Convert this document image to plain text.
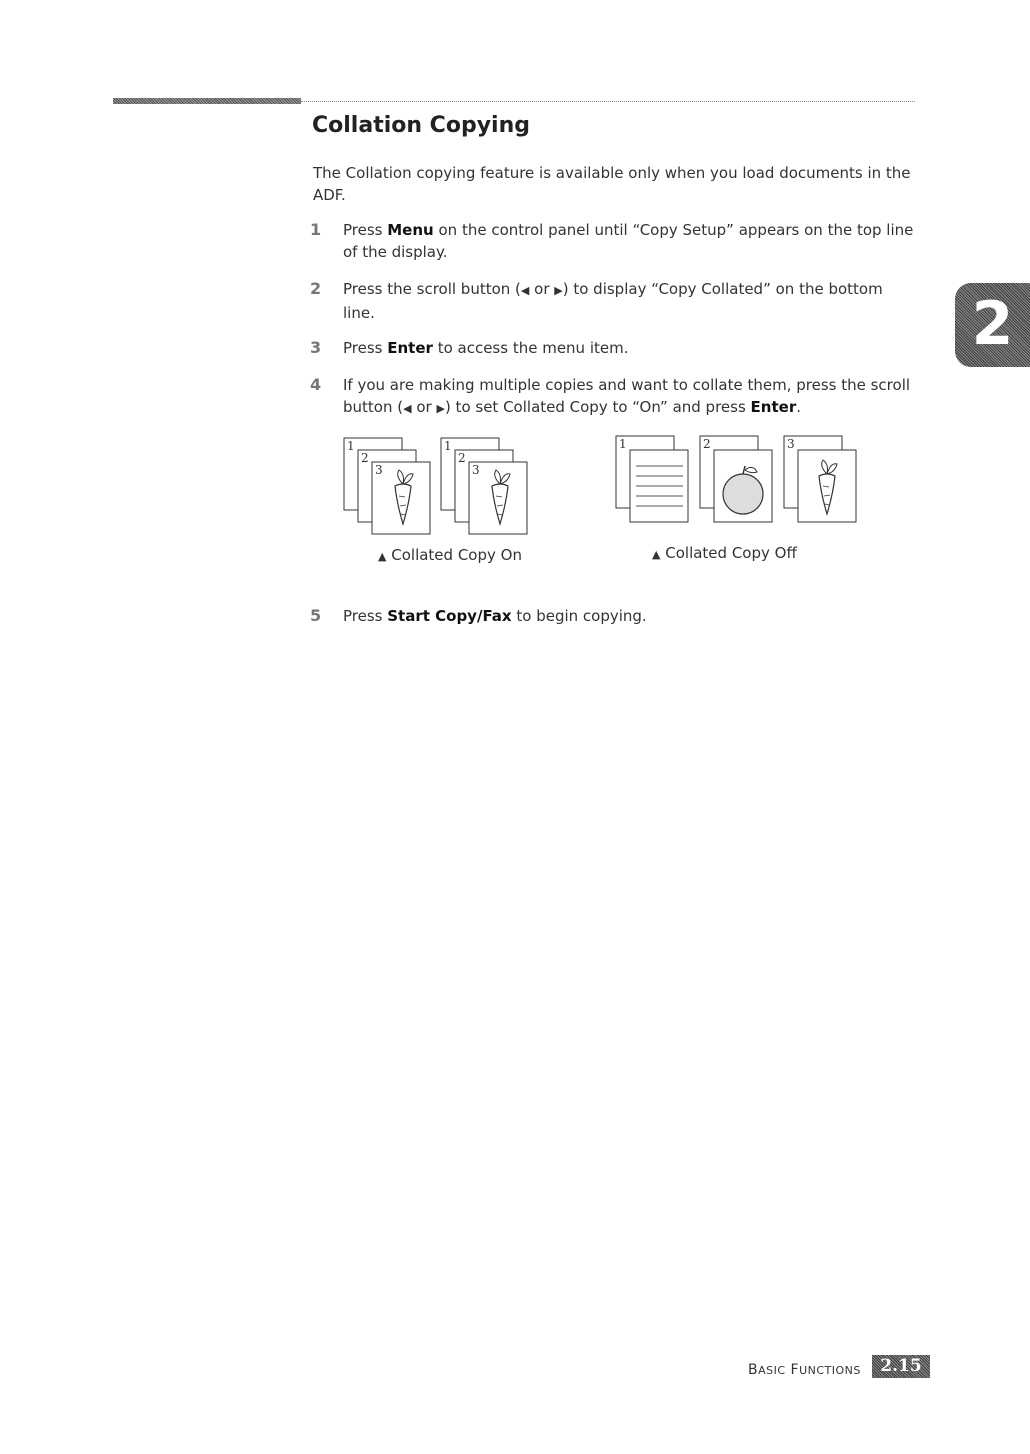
Collation Copying

The Collation copying feature is available only when you load documents in the ADF.

1 Press Menu on the control panel until “Copy Setup” appears on the top line of the display.
2 Press the scroll button (◀ or ▶) to display “Copy Collated” on the bottom line.
3 Press Enter to access the menu item.
4 If you are making multiple copies and want to collate them, press the scroll button (◀ or ▶) to set Collated Copy to “On” and press Enter.
1
2
3
1
2
3
1	2	3
▲ Collated Copy On	▲ Collated Copy Off
5 Press Start Copy/Fax to begin copying.
2
BASIC FUNCTIONS	2.15
